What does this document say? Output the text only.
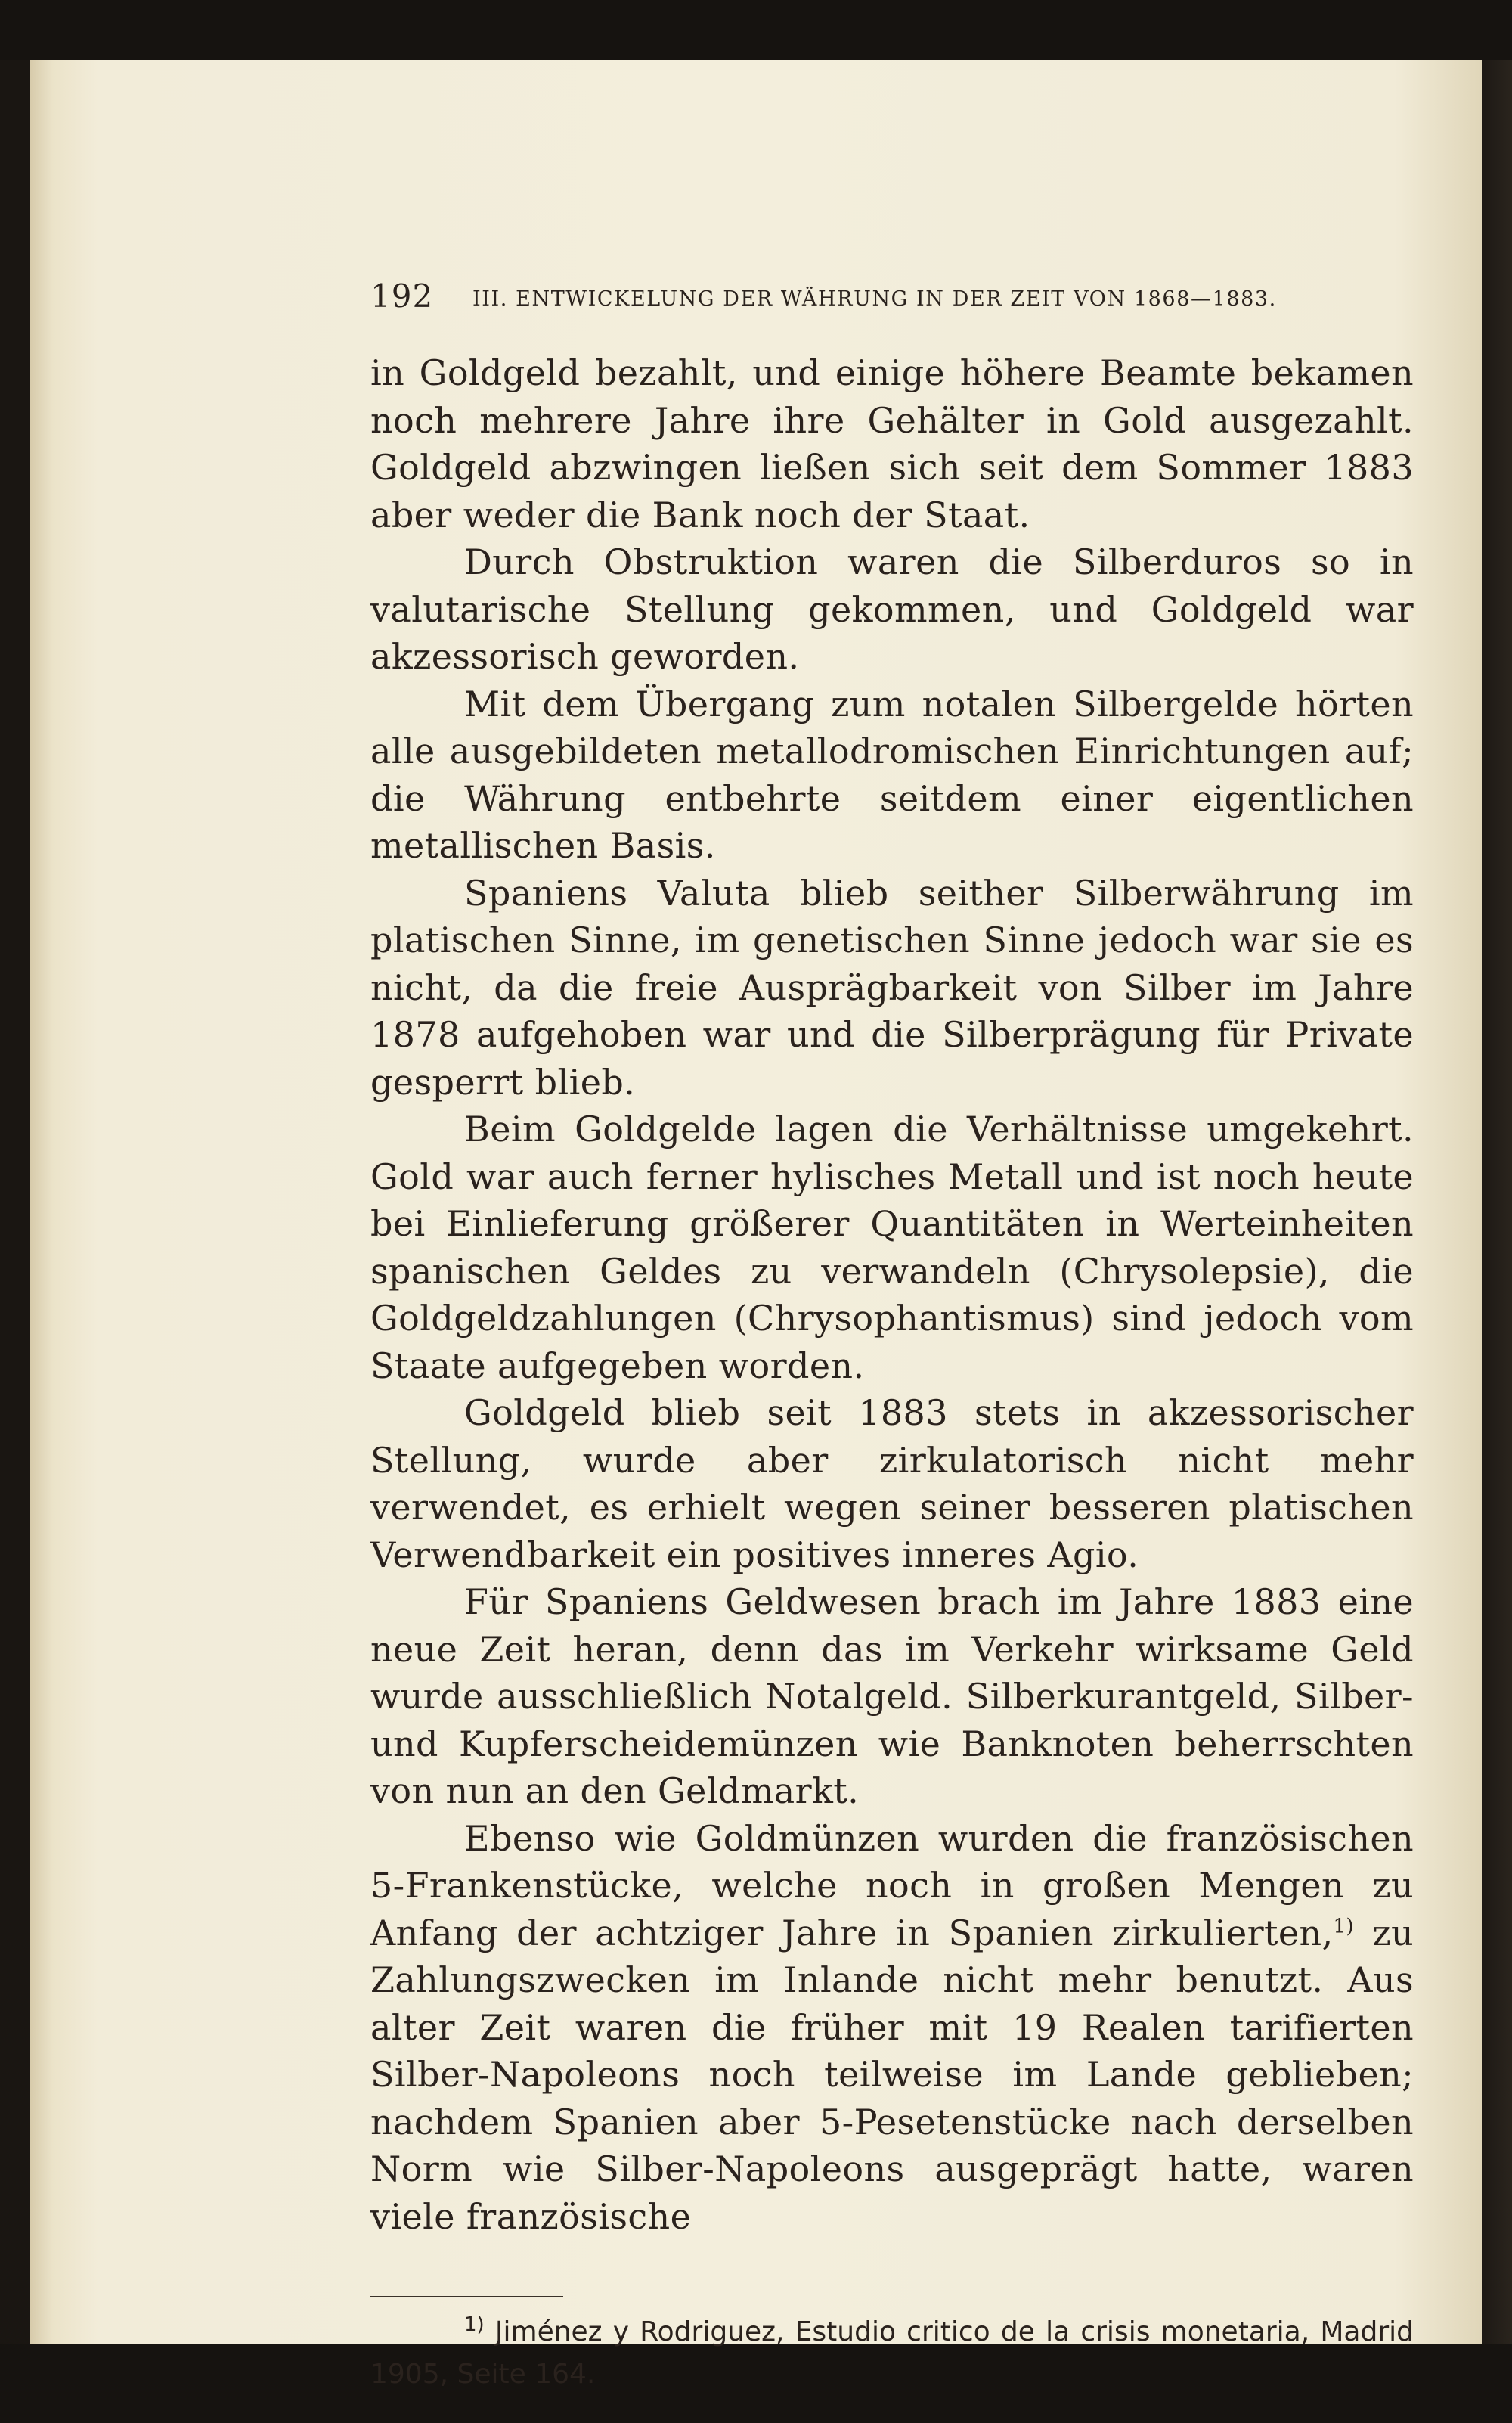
192 III. ENTWICKELUNG DER WÄHRUNG IN DER ZEIT VON 1868—1883.

in Goldgeld bezahlt, und einige höhere Beamte bekamen noch mehrere Jahre ihre Gehälter in Gold ausgezahlt. Goldgeld abzwingen ließen sich seit dem Sommer 1883 aber weder die Bank noch der Staat.

Durch Obstruktion waren die Silberduros so in valutarische Stellung gekommen, und Goldgeld war akzessorisch geworden.

Mit dem Übergang zum notalen Silbergelde hörten alle ausgebildeten metallodromischen Einrichtungen auf; die Währung entbehrte seitdem einer eigentlichen metallischen Basis.

Spaniens Valuta blieb seither Silberwährung im platischen Sinne, im genetischen Sinne jedoch war sie es nicht, da die freie Ausprägbarkeit von Silber im Jahre 1878 aufgehoben war und die Silberprägung für Private gesperrt blieb.

Beim Goldgelde lagen die Verhältnisse umgekehrt. Gold war auch ferner hylisches Metall und ist noch heute bei Einlieferung größerer Quantitäten in Werteinheiten spanischen Geldes zu verwandeln (Chrysolepsie), die Goldgeldzahlungen (Chrysophantismus) sind jedoch vom Staate aufgegeben worden.

Goldgeld blieb seit 1883 stets in akzessorischer Stellung, wurde aber zirkulatorisch nicht mehr verwendet, es erhielt wegen seiner besseren platischen Verwendbarkeit ein positives inneres Agio.

Für Spaniens Geldwesen brach im Jahre 1883 eine neue Zeit heran, denn das im Verkehr wirksame Geld wurde ausschließlich Notalgeld. Silberkurantgeld, Silber- und Kupferscheidemünzen wie Banknoten beherrschten von nun an den Geldmarkt.

Ebenso wie Goldmünzen wurden die französischen 5-Frankenstücke, welche noch in großen Mengen zu Anfang der achtziger Jahre in Spanien zirkulierten,$^{1)}$ zu Zahlungszwecken im Inlande nicht mehr benutzt. Aus alter Zeit waren die früher mit 19 Realen tarifierten Silber-Napoleons noch teilweise im Lande geblieben; nachdem Spanien aber 5-Pesetenstücke nach derselben Norm wie Silber-Napoleons ausgeprägt hatte, waren viele französische

$^{1)}$ Jiménez y Rodriguez, Estudio critico de la crisis monetaria, Madrid 1905, Seite 164.
